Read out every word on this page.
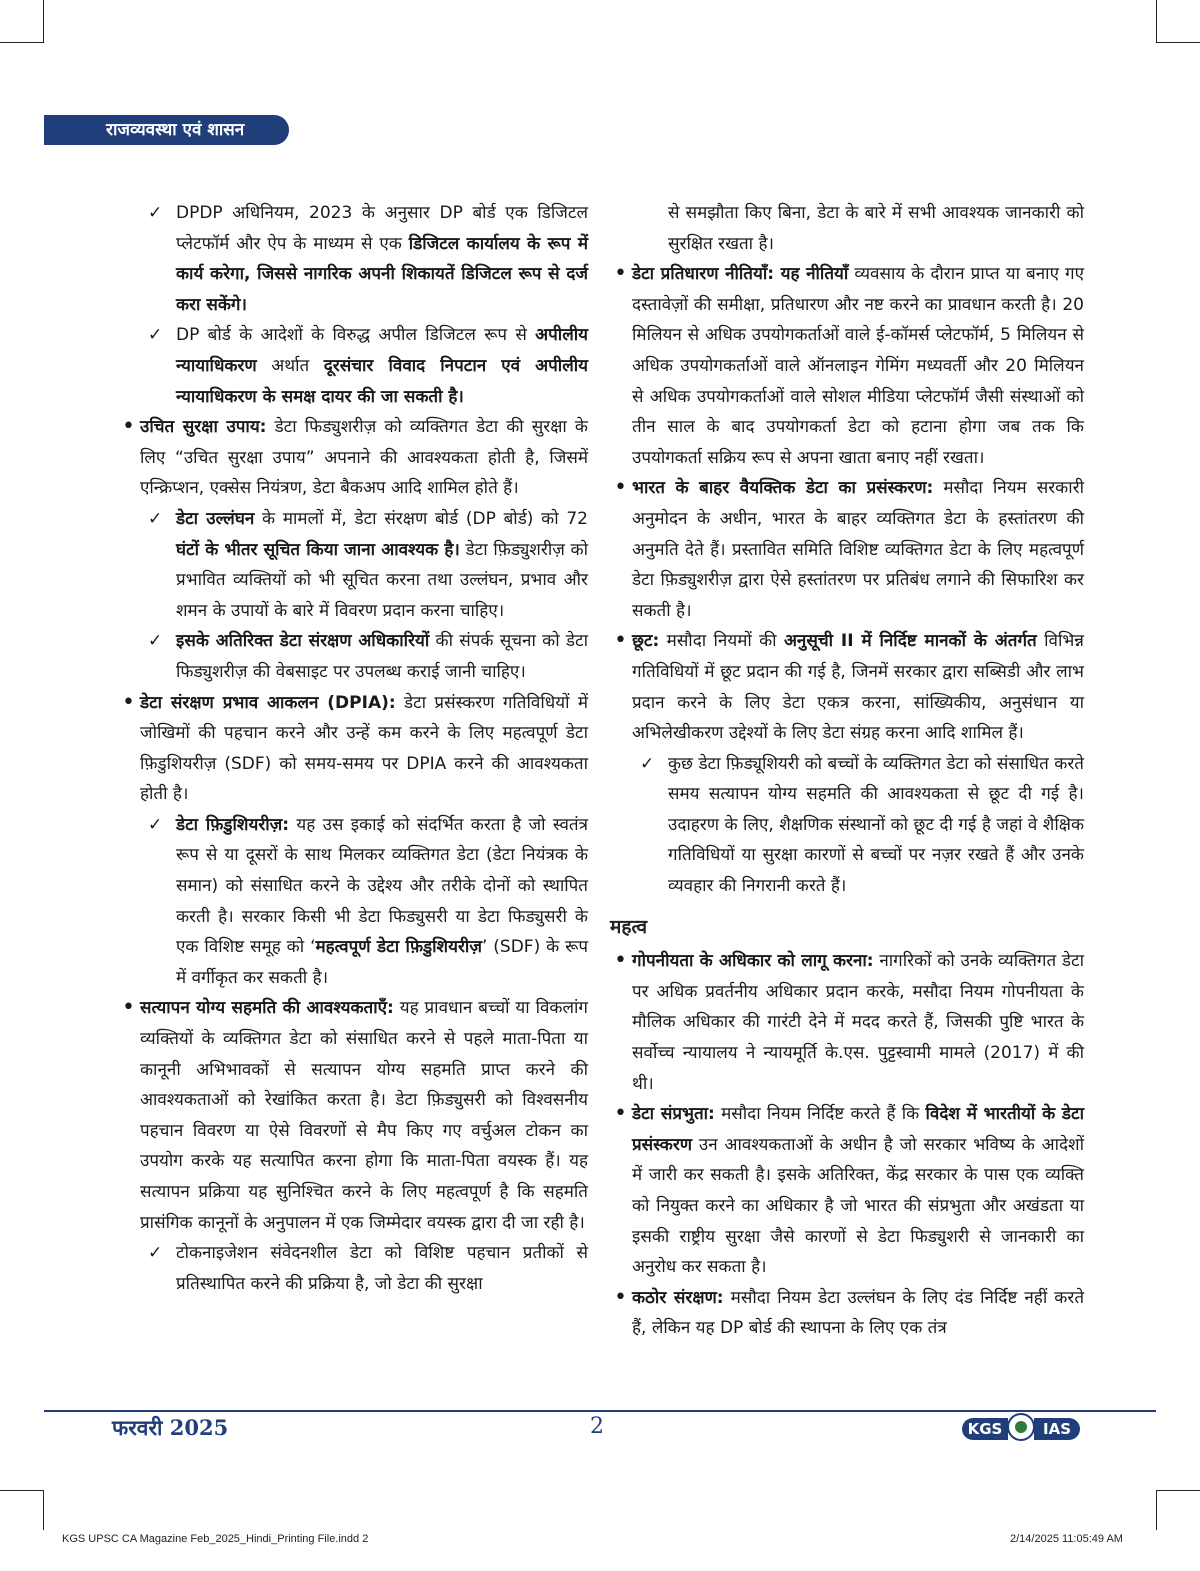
राजव्यवस्था एवं शासन

✓ DPDP अधिनियम, 2023 के अनुसार DP बोर्ड एक डिजिटल प्लेटफॉर्म और ऐप के माध्यम से एक डिजिटल कार्यालय के रूप में कार्य करेगा, जिससे नागरिक अपनी शिकायतें डिजिटल रूप से दर्ज करा सकेंगे।

✓ DP बोर्ड के आदेशों के विरुद्ध अपील डिजिटल रूप से अपीलीय न्यायाधिकरण अर्थात दूरसंचार विवाद निपटान एवं अपीलीय न्यायाधिकरण के समक्ष दायर की जा सकती है।

• उचित सुरक्षा उपाय: डेटा फिड्युशरीज़ को व्यक्तिगत डेटा की सुरक्षा के लिए “उचित सुरक्षा उपाय” अपनाने की आवश्यकता होती है, जिसमें एन्क्रिप्शन, एक्सेस नियंत्रण, डेटा बैकअप आदि शामिल होते हैं।

✓ डेटा उल्लंघन के मामलों में, डेटा संरक्षण बोर्ड (DP बोर्ड) को 72 घंटों के भीतर सूचित किया जाना आवश्यक है। डेटा फ़िड्युशरीज़ को प्रभावित व्यक्तियों को भी सूचित करना तथा उल्लंघन, प्रभाव और शमन के उपायों के बारे में विवरण प्रदान करना चाहिए।

✓ इसके अतिरिक्त डेटा संरक्षण अधिकारियों की संपर्क सूचना को डेटा फिड्युशरीज़ की वेबसाइट पर उपलब्ध कराई जानी चाहिए।

• डेटा संरक्षण प्रभाव आकलन (DPIA): डेटा प्रसंस्करण गतिविधियों में जोखिमों की पहचान करने और उन्हें कम करने के लिए महत्वपूर्ण डेटा फ़िडुशियरीज़ (SDF) को समय-समय पर DPIA करने की आवश्यकता होती है।

✓ डेटा फ़िडुशियरीज़: यह उस इकाई को संदर्भित करता है जो स्वतंत्र रूप से या दूसरों के साथ मिलकर व्यक्तिगत डेटा (डेटा नियंत्रक के समान) को संसाधित करने के उद्देश्य और तरीके दोनों को स्थापित करती है। सरकार किसी भी डेटा फिड्युसरी या डेटा फिड्युसरी के एक विशिष्ट समूह को ‘महत्वपूर्ण डेटा फ़िडुशियरीज़’ (SDF) के रूप में वर्गीकृत कर सकती है।

• सत्यापन योग्य सहमति की आवश्यकताएँ: यह प्रावधान बच्चों या विकलांग व्यक्तियों के व्यक्तिगत डेटा को संसाधित करने से पहले माता-पिता या कानूनी अभिभावकों से सत्यापन योग्य सहमति प्राप्त करने की आवश्यकताओं को रेखांकित करता है। डेटा फ़िड्युसरी को विश्वसनीय पहचान विवरण या ऐसे विवरणों से मैप किए गए वर्चुअल टोकन का उपयोग करके यह सत्यापित करना होगा कि माता-पिता वयस्क हैं। यह सत्यापन प्रक्रिया यह सुनिश्चित करने के लिए महत्वपूर्ण है कि सहमति प्रासंगिक कानूनों के अनुपालन में एक जिम्मेदार वयस्क द्वारा दी जा रही है।

✓ टोकनाइजेशन संवेदनशील डेटा को विशिष्ट पहचान प्रतीकों से प्रतिस्थापित करने की प्रक्रिया है, जो डेटा की सुरक्षा

से समझौता किए बिना, डेटा के बारे में सभी आवश्यक जानकारी को सुरक्षित रखता है।

• डेटा प्रतिधारण नीतियाँ: यह नीतियाँ व्यवसाय के दौरान प्राप्त या बनाए गए दस्तावेज़ों की समीक्षा, प्रतिधारण और नष्ट करने का प्रावधान करती है। 20 मिलियन से अधिक उपयोगकर्ताओं वाले ई-कॉमर्स प्लेटफॉर्म, 5 मिलियन से अधिक उपयोगकर्ताओं वाले ऑनलाइन गेमिंग मध्यवर्ती और 20 मिलियन से अधिक उपयोगकर्ताओं वाले सोशल मीडिया प्लेटफॉर्म जैसी संस्थाओं को तीन साल के बाद उपयोगकर्ता डेटा को हटाना होगा जब तक कि उपयोगकर्ता सक्रिय रूप से अपना खाता बनाए नहीं रखता।

• भारत के बाहर वैयक्तिक डेटा का प्रसंस्करण: मसौदा नियम सरकारी अनुमोदन के अधीन, भारत के बाहर व्यक्तिगत डेटा के हस्तांतरण की अनुमति देते हैं। प्रस्तावित समिति विशिष्ट व्यक्तिगत डेटा के लिए महत्वपूर्ण डेटा फ़िड्युशरीज़ द्वारा ऐसे हस्तांतरण पर प्रतिबंध लगाने की सिफारिश कर सकती है।

• छूट: मसौदा नियमों की अनुसूची II में निर्दिष्ट मानकों के अंतर्गत विभिन्न गतिविधियों में छूट प्रदान की गई है, जिनमें सरकार द्वारा सब्सिडी और लाभ प्रदान करने के लिए डेटा एकत्र करना, सांख्यिकीय, अनुसंधान या अभिलेखीकरण उद्देश्यों के लिए डेटा संग्रह करना आदि शामिल हैं।

✓ कुछ डेटा फ़िड्यूशियरी को बच्चों के व्यक्तिगत डेटा को संसाधित करते समय सत्यापन योग्य सहमति की आवश्यकता से छूट दी गई है। उदाहरण के लिए, शैक्षणिक संस्थानों को छूट दी गई है जहां वे शैक्षिक गतिविधियों या सुरक्षा कारणों से बच्चों पर नज़र रखते हैं और उनके व्यवहार की निगरानी करते हैं।

महत्व

• गोपनीयता के अधिकार को लागू करना: नागरिकों को उनके व्यक्तिगत डेटा पर अधिक प्रवर्तनीय अधिकार प्रदान करके, मसौदा नियम गोपनीयता के मौलिक अधिकार की गारंटी देने में मदद करते हैं, जिसकी पुष्टि भारत के सर्वोच्च न्यायालय ने न्यायमूर्ति के.एस. पुट्टस्वामी मामले (2017) में की थी।

• डेटा संप्रभुता: मसौदा नियम निर्दिष्ट करते हैं कि विदेश में भारतीयों के डेटा प्रसंस्करण उन आवश्यकताओं के अधीन है जो सरकार भविष्य के आदेशों में जारी कर सकती है। इसके अतिरिक्त, केंद्र सरकार के पास एक व्यक्ति को नियुक्त करने का अधिकार है जो भारत की संप्रभुता और अखंडता या इसकी राष्ट्रीय सुरक्षा जैसे कारणों से डेटा फिड्युशरी से जानकारी का अनुरोध कर सकता है।

• कठोर संरक्षण: मसौदा नियम डेटा उल्लंघन के लिए दंड निर्दिष्ट नहीं करते हैं, लेकिन यह DP बोर्ड की स्थापना के लिए एक तंत्र

फरवरी 2025	2	KGS	IAS
KGS UPSC CA Magazine Feb_2025_Hindi_Printing File.indd 2	2/14/2025 11:05:49 AM
